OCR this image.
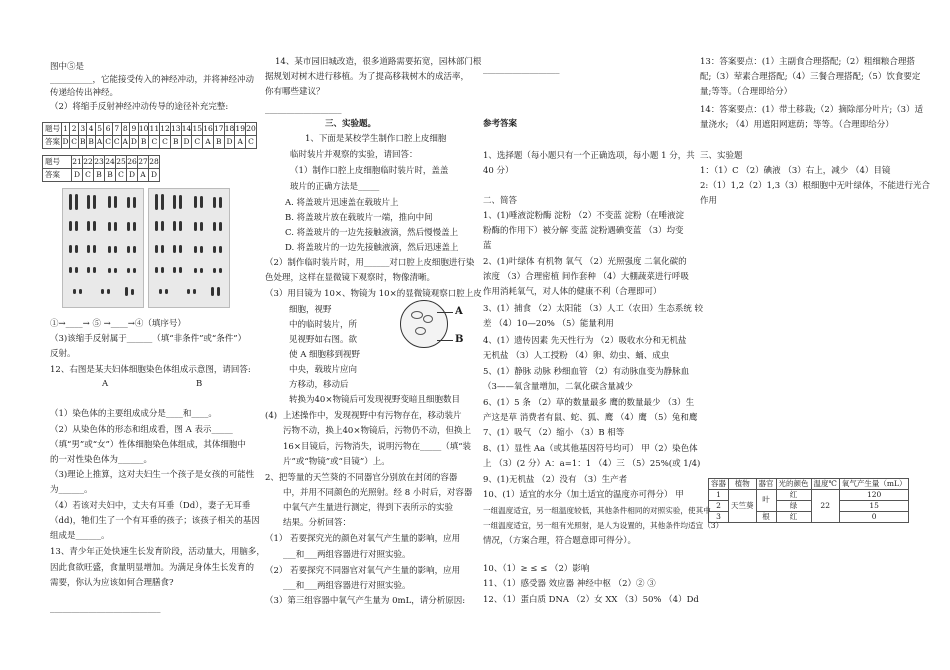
图中⑤是
__________，它能接受传入的神经冲动，并将神经冲动
传递给传出神经。
（2）将缩手反射神经冲动传导的途径补充完整:
题号	1	2	3	4	5	6	7	8	9	10	11	12	13	14	15	16	17	18	19	20
答案	D	C	B	B	A	C	C	A	D	B	C	C	B	D	C	A	B	D	A	C
题号	21	22	23	24	25	26	27	28
答案	D	C	B	B	C	D	A	D
①→____→ ⑤ →____→④（填序号）
（3)该缩手反射属于______（填“非条件”或“条件”）
反射。
12、右图是某夫妇体细胞染色体组成示意图，请回答:
A	B
（1）染色体的主要组成成分是____和____。
（2）从染色体的形态和组成看，图 A 表示_____
（填“男”或“女”）性体细胞染色体组成，其体细胞中
的一对性染色体为______。
（3)理论上推算，这对夫妇生一个孩子是女孩的可能性
为______。
（4）若该对夫妇中，丈夫有耳垂（Dd），妻子无耳垂
（dd)，牠们生了一个有耳垂的孩子；该孩子相关的基因
组成是______。
13、青少年正处快速生长发育阶段，活动量大，用脑多，
因此食欲旺盛，食量明显增加。为满足身体生长发育的
需要，你认为应该如何合理膳食?
__________________________
14、某市园旧城改造，很多道路需要拓宽，园林部门根
据规划对树木进行移植。为了提高移栽树木的成活率，
你有哪些建议？
__________________
三、实验题。
1、下面是某校学生制作口腔上皮细胞
临时装片并观察的实验，请回答：
（1）制作口腔上皮细胞临时装片时，盖盖
玻片的正确方法是_____
A. 将盖玻片迅速盖在载玻片上
B. 将盖玻片放在载玻片一端，推向中间
C. 将盖玻片的一边先接触液滴，然后慢慢盖上
D. 将盖玻片的一边先接触液滴，然后迅速盖上
（2）制作临时装片时，用______对口腔上皮细胞进行染
色处理，这样在显微镜下观察时，物像清晰。
（3）用目镜为 10×、物镜为 10×的显微镜观察口腔上皮
细胞，视野
中的临时装片，所
见视野如右图。欲
使 A 细胞移到视野
中央，载玻片应向
方移动，移动后
转换为40×物镜后可发现视野变暗且细胞数目
(4) 上述操作中，发现视野中有污物存在，移动装片
污物不动，换上40×物镜后，污物仍不动，但换上
16×目镜后，污物消失，说明污物在_____（填“装
片”或“物镜”或“目镜”）上。
2、把等量的天竺葵的不同器官分别放在封闭的容器
中，并用不同颜色的光照射。经 8 小时后，对容器
中氧气产生量进行测定，得到下表所示的实验
结果。分析回答：
（1） 若要探究光的颜色对氧气产生量的影响，应用
___和___两组容器进行对照实验。
（2） 若要探究不同器官对氧气产生量的影响，应用
___和___两组容器进行对照实验。
（3）第三组容器中氧气产生量为 0mL，请分析原因:
A
B
__________________
参考答案
1、选择题（每小题只有一个正确选项，每小题 1 分，共
40 分）
二、简答
1、(1)唾液淀粉酶 淀粉 （2）不变蓝 淀粉（在唾液淀
粉酶的作用下）被分解 变蓝 淀粉遇碘变蓝 （3）均变
蓝
2、(1)叶绿体 有机物 氧气 （2）光照强度 二氧化碳的
浓度 （3）合理密植 间作套种 （4）大棚蔬菜进行呼吸
作用消耗氧气，对人体的健康不利（合理即可）
3、(1）捕食 （2）太阳能 （3）人工（农田）生态系统 较
差 （4）10—20% （5）能量利用
4、(1）遗传因素 先天性行为 （2）吸收水分和无机盐
无机盐 （3）人工授粉 （4）卵、幼虫、蛹、成虫
5、(1）静脉 动脉 秒细血管 （2）有动脉血变为静脉血
（3——氧含量增加，二氧化碳含量减少
6、(1）5 条 （2）草的数量最多 鹰的数量最少 （3）生
产这是草 消费者有鼠、蛇、狐、鹰 （4）鹰 （5）兔和鹰
7、(1）吸气 （2）缩小 （3）B 相等
8、(1）显性 Aa（或其他基因符号均可） 甲（2）染色体
上 （3）(2 分）A：a=1：1 （4）三 （5）25%(或 1/4)
9、(1)无机盐 （2）没有 （3）生产者
10、(1）适宜的水分（加土适宜的温度亦可得分） 甲
一组温度适宜，另一组温度较低，其他条件相同的对照实验，使其中
一组温度适宜，另一组有光照射，是人为设置的，其他条件均适宜（3）
情况，（方案合理，符合题意即可得分）。
10、（1）≥ ≤ ≤ （2）影响
11、（1）感受器 效应器 神经中枢 （2）② ③
12、（1）蛋白质 DNA （2）女 XX （3）50% （4）Dd
13：答案要点：(1）主副食合理搭配;（2）粗细粮合理搭
配;（3）荤素合理搭配;（4）三餐合理搭配;（5）饮食要定
量;等等。（合理即给分）
14：答案要点：(1）带土移栽;（2）摘除部分叶片;（3）适
量浇水; （4）用遮阳网遮荫；等等。（合理即给分）
三、实验题
1：（1）C （2）碘液 （3）右上，减少 （4）目镜
2:（1）1,2（2）1,3（3）根细胞中无叶绿体，不能进行光合
作用
容器	植物	器官	光的颜色	温度℃	氧气产生量（mL）
1	天竺葵	叶	红	22	120
2			绿		15
3		根	红		0
